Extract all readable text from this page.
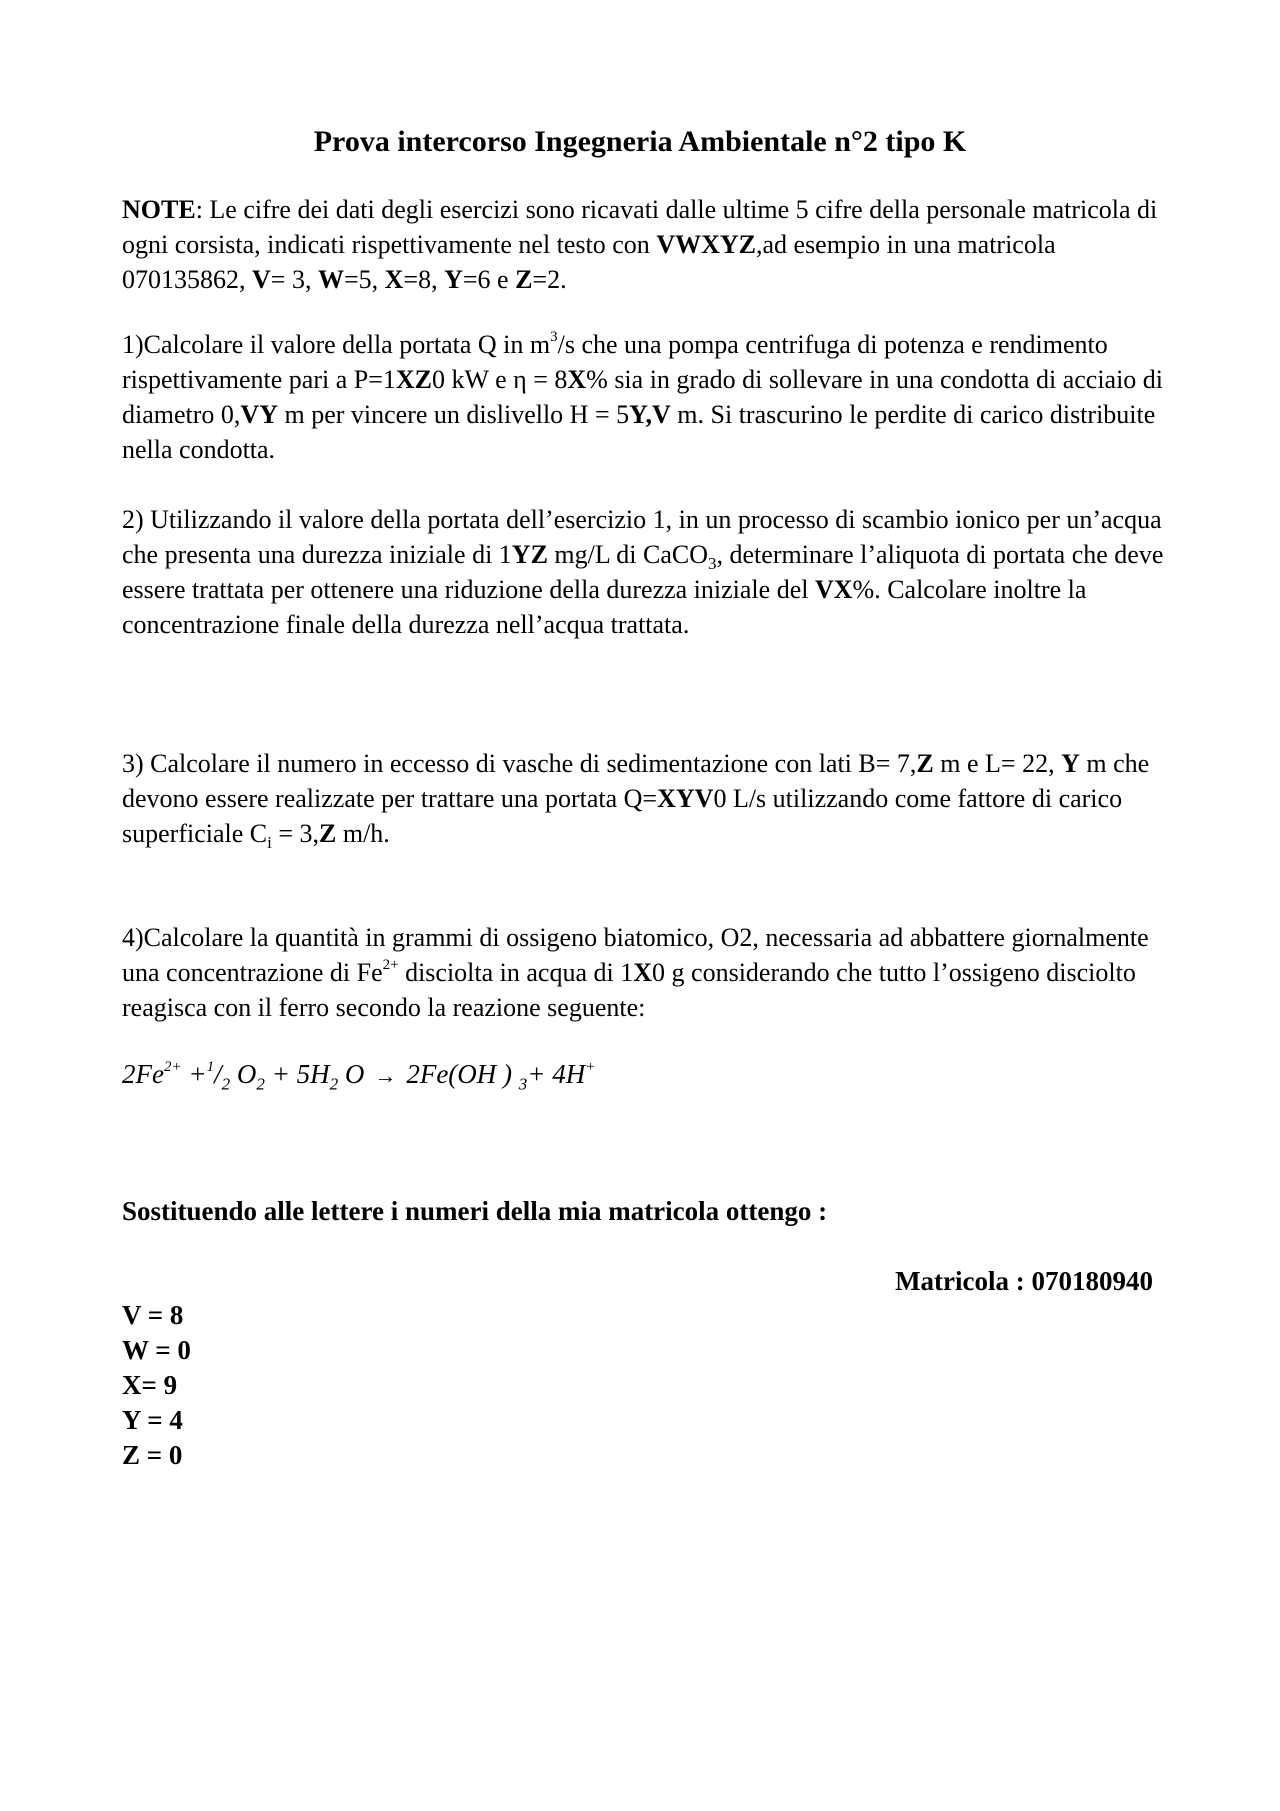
Prova intercorso Ingegneria Ambientale n°2 tipo K

NOTE: Le cifre dei dati degli esercizi sono ricavati dalle ultime 5 cifre della personale matricola di ogni corsista, indicati rispettivamente nel testo con VWXYZ,ad esempio in una matricola 070135862, V= 3, W=5, X=8, Y=6 e Z=2.

1)Calcolare il valore della portata Q in $m^3/s$ che una pompa centrifuga di potenza e rendimento rispettivamente pari a P=1XZ0 kW e η = 8X% sia in grado di sollevare in una condotta di acciaio di diametro 0,VY m per vincere un dislivello H = 5Y,V m. Si trascurino le perdite di carico distribuite nella condotta.

2) Utilizzando il valore della portata dell’esercizio 1, in un processo di scambio ionico per un’acqua che presenta una durezza iniziale di 1YZ mg/L di CaCO$_3$, determinare l’aliquota di portata che deve essere trattata per ottenere una riduzione della durezza iniziale del VX%. Calcolare inoltre la concentrazione finale della durezza nell’acqua trattata.

3) Calcolare il numero in eccesso di vasche di sedimentazione con lati B= 7,Z m e L= 22, Y m che devono essere realizzate per trattare una portata Q=XYV0 L/s utilizzando come fattore di carico superficiale $C_i = 3,Z$ m/h.

4)Calcolare la quantità in grammi di ossigeno biatomico, O2, necessaria ad abbattere giornalmente una concentrazione di $Fe^{2+}$ disciolta in acqua di 1X0 g considerando che tutto l’ossigeno disciolto reagisca con il ferro secondo la reazione seguente:

$2Fe^{2+} +^1/_2$ $O_2 + 5H_2$ O → 2Fe(OH ) $_3$+ 4H+
Sostituendo alle lettere i numeri della mia matricola ottengo :
Matricola : 070180940
V = 8
W = 0
X= 9
Y = 4
Z = 0
